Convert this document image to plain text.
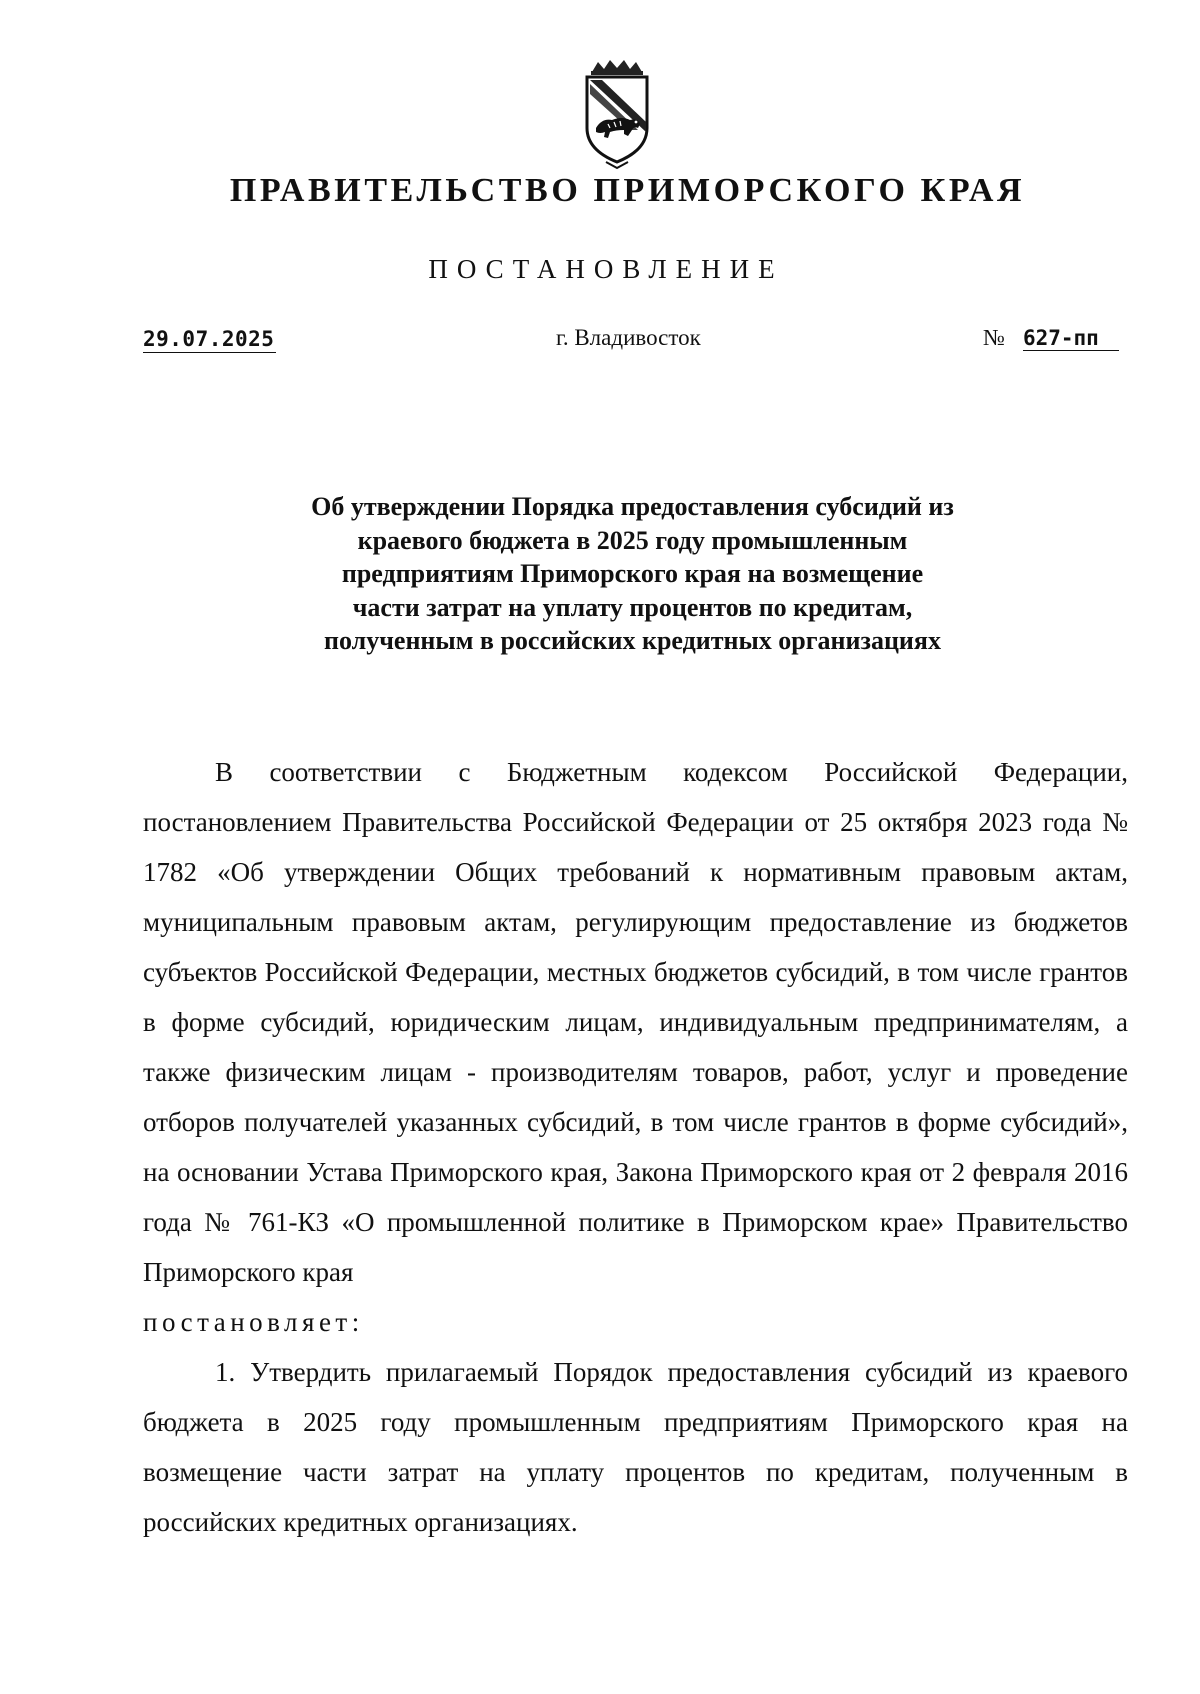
ПРАВИТЕЛЬСТВО ПРИМОРСКОГО КРАЯ
ПОСТАНОВЛЕНИЕ
29.07.2025	г. Владивосток	№ 627-пп
Об утверждении Порядка предоставления субсидий из
краевого бюджета в 2025 году промышленным
предприятиям Приморского края на возмещение
части затрат на уплату процентов по кредитам,
полученным в российских кредитных организациях

В соответствии с Бюджетным кодексом Российской Федерации, постановлением Правительства Российской Федерации от 25 октября 2023 года № 1782 «Об утверждении Общих требований к нормативным правовым актам, муниципальным правовым актам, регулирующим предоставление из бюджетов субъектов Российской Федерации, местных бюджетов субсидий, в том числе грантов в форме субсидий, юридическим лицам, индивидуальным предпринимателям, а также физическим лицам - производителям товаров, работ, услуг и проведение отборов получателей указанных субсидий, в том числе грантов в форме субсидий», на основании Устава Приморского края, Закона Приморского края от 2 февраля 2016 года № 761-КЗ «О промышленной политике в Приморском крае» Правительство Приморского края

постановляет:

1. Утвердить прилагаемый Порядок предоставления субсидий из краевого бюджета в 2025 году промышленным предприятиям Приморского края на возмещение части затрат на уплату процентов по кредитам, полученным в российских кредитных организациях.
